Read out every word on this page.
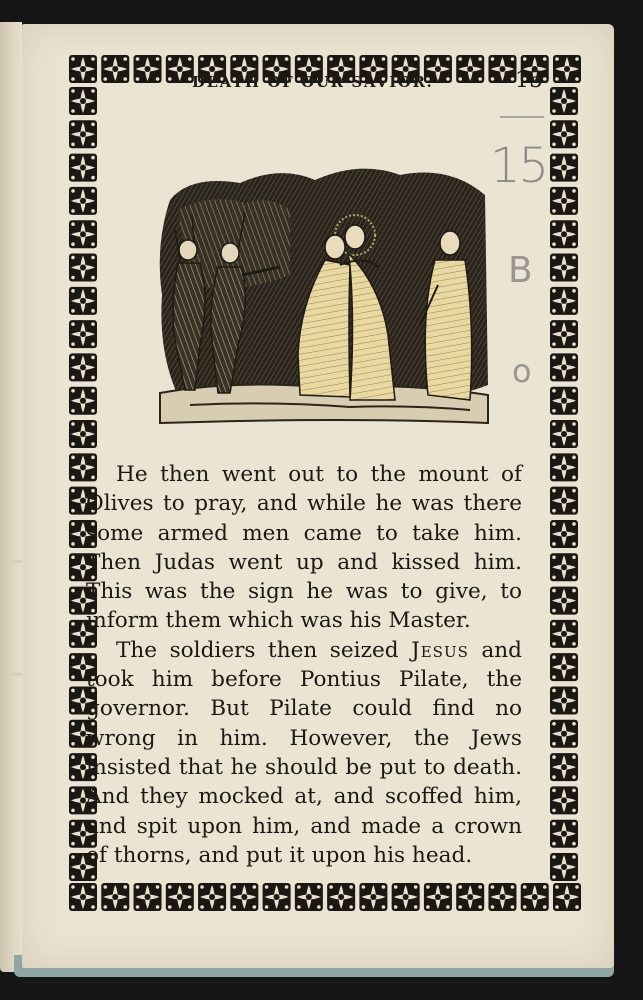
DEATH OF OUR SAVIOR.	15
15
B
o

He then went out to the mount of Olives to pray, and while he was there some armed men came to take him. Then Judas went up and kissed him. This was the sign he was to give, to inform them which was his Master.

The soldiers then seized Jesus and took him before Pontius Pilate, the governor. But Pilate could find no wrong in him. However, the Jews insisted that he should be put to death. And they mocked at, and scoffed him, and spit upon him, and made a crown of thorns, and put it upon his head.
